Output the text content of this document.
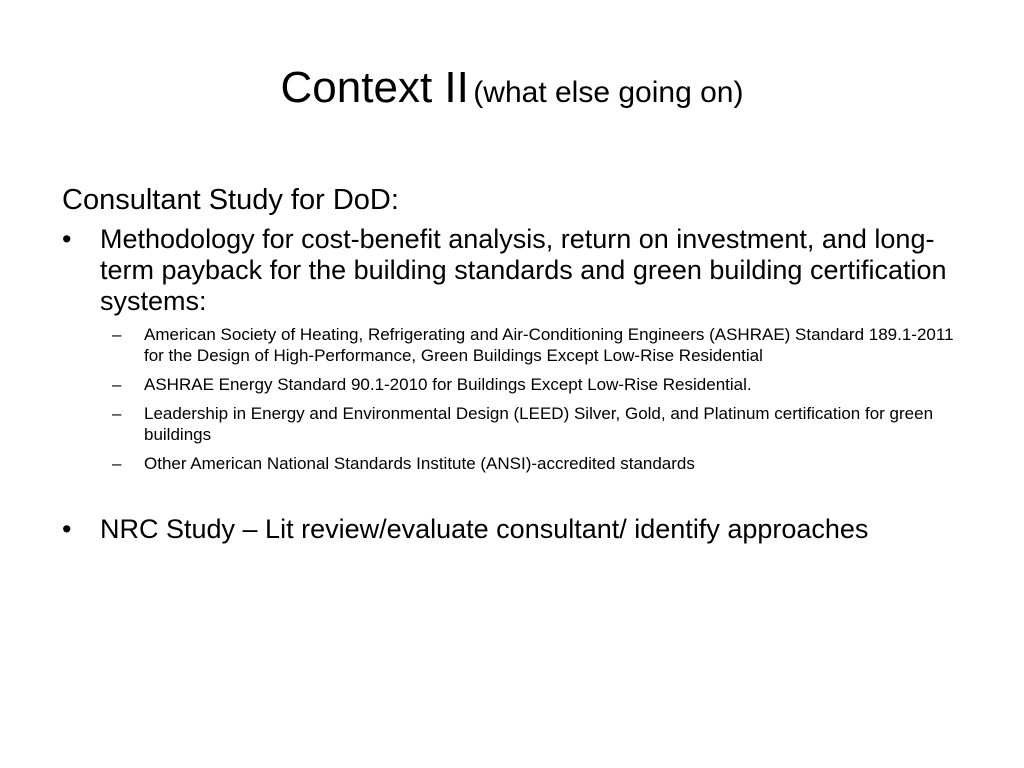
Context II (what else going on)

Consultant Study for DoD:

•	Methodology for cost-benefit analysis, return on investment, and long-term payback for the building standards and green building certification systems:
– American Society of Heating, Refrigerating and Air-Conditioning Engineers (ASHRAE) Standard 189.1-2011 for the Design of High-Performance, Green Buildings Except Low-Rise Residential
– ASHRAE Energy Standard 90.1-2010 for Buildings Except Low-Rise Residential.
– Leadership in Energy and Environmental Design (LEED) Silver, Gold, and Platinum certification for green buildings
– Other American National Standards Institute (ANSI)-accredited standards
•	NRC Study – Lit review/evaluate consultant/ identify approaches
